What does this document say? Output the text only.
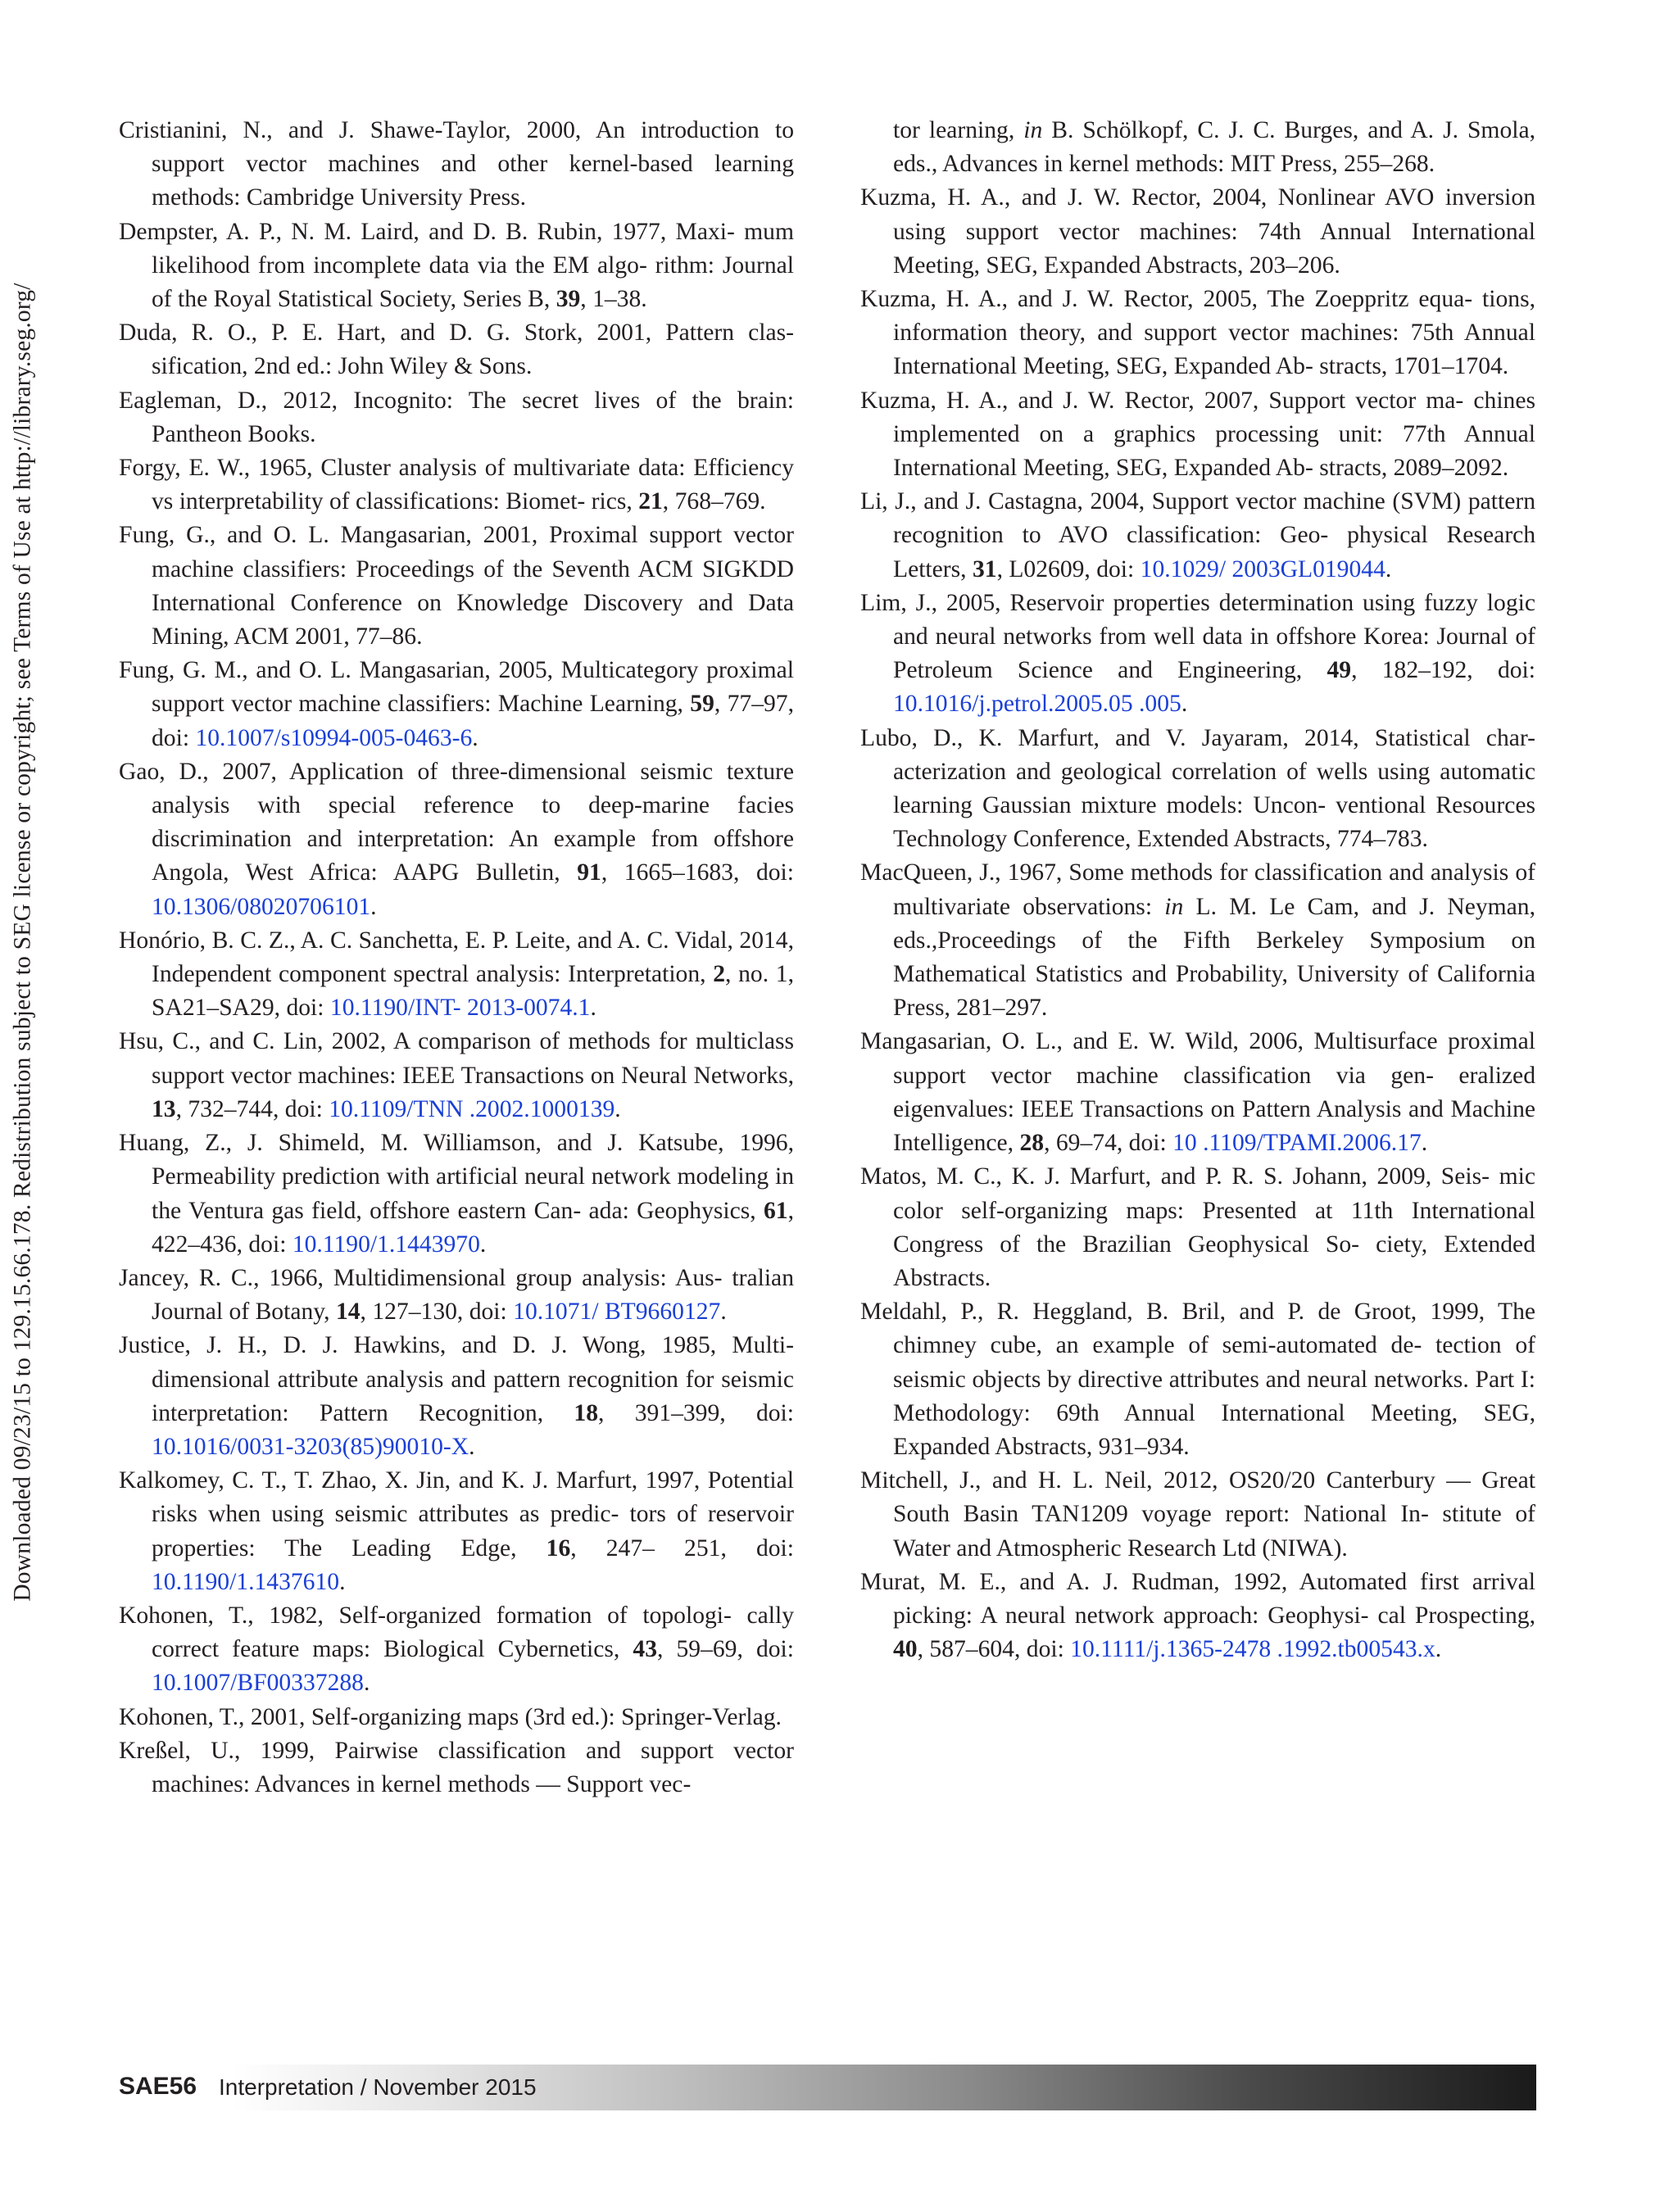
Downloaded 09/23/15 to 129.15.66.178. Redistribution subject to SEG license or copyright; see Terms of Use at http://library.seg.org/

Cristianini, N., and J. Shawe-Taylor, 2000, An introduction to support vector machines and other kernel-based learning methods: Cambridge University Press.

Dempster, A. P., N. M. Laird, and D. B. Rubin, 1977, Maxi- mum likelihood from incomplete data via the EM algo- rithm: Journal of the Royal Statistical Society, Series B, 39, 1–38.

Duda, R. O., P. E. Hart, and D. G. Stork, 2001, Pattern clas- sification, 2nd ed.: John Wiley & Sons.

Eagleman, D., 2012, Incognito: The secret lives of the brain: Pantheon Books.

Forgy, E. W., 1965, Cluster analysis of multivariate data: Efficiency vs interpretability of classifications: Biomet- rics, 21, 768–769.

Fung, G., and O. L. Mangasarian, 2001, Proximal support vector machine classifiers: Proceedings of the Seventh ACM SIGKDD International Conference on Knowledge Discovery and Data Mining, ACM 2001, 77–86.

Fung, G. M., and O. L. Mangasarian, 2005, Multicategory proximal support vector machine classifiers: Machine Learning, 59, 77–97, doi: 10.1007/s10994-005-0463-6.

Gao, D., 2007, Application of three-dimensional seismic texture analysis with special reference to deep-marine facies discrimination and interpretation: An example from offshore Angola, West Africa: AAPG Bulletin, 91, 1665–1683, doi: 10.1306/08020706101.

Honório, B. C. Z., A. C. Sanchetta, E. P. Leite, and A. C. Vidal, 2014, Independent component spectral analysis: Interpretation, 2, no. 1, SA21–SA29, doi: 10.1190/INT- 2013-0074.1.

Hsu, C., and C. Lin, 2002, A comparison of methods for multiclass support vector machines: IEEE Transactions on Neural Networks, 13, 732–744, doi: 10.1109/TNN .2002.1000139.

Huang, Z., J. Shimeld, M. Williamson, and J. Katsube, 1996, Permeability prediction with artificial neural network modeling in the Ventura gas field, offshore eastern Can- ada: Geophysics, 61, 422–436, doi: 10.1190/1.1443970.

Jancey, R. C., 1966, Multidimensional group analysis: Aus- tralian Journal of Botany, 14, 127–130, doi: 10.1071/ BT9660127.

Justice, J. H., D. J. Hawkins, and D. J. Wong, 1985, Multi- dimensional attribute analysis and pattern recognition for seismic interpretation: Pattern Recognition, 18, 391–399, doi: 10.1016/0031-3203(85)90010-X.

Kalkomey, C. T., T. Zhao, X. Jin, and K. J. Marfurt, 1997, Potential risks when using seismic attributes as predic- tors of reservoir properties: The Leading Edge, 16, 247– 251, doi: 10.1190/1.1437610.

Kohonen, T., 1982, Self-organized formation of topologi- cally correct feature maps: Biological Cybernetics, 43, 59–69, doi: 10.1007/BF00337288.

Kohonen, T., 2001, Self-organizing maps (3rd ed.): Springer-Verlag.

Kreßel, U., 1999, Pairwise classification and support vector machines: Advances in kernel methods — Support vec-

tor learning, in B. Schölkopf, C. J. C. Burges, and A. J. Smola, eds., Advances in kernel methods: MIT Press, 255–268.

Kuzma, H. A., and J. W. Rector, 2004, Nonlinear AVO inversion using support vector machines: 74th Annual International Meeting, SEG, Expanded Abstracts, 203–206.

Kuzma, H. A., and J. W. Rector, 2005, The Zoeppritz equa- tions, information theory, and support vector machines: 75th Annual International Meeting, SEG, Expanded Ab- stracts, 1701–1704.

Kuzma, H. A., and J. W. Rector, 2007, Support vector ma- chines implemented on a graphics processing unit: 77th Annual International Meeting, SEG, Expanded Ab- stracts, 2089–2092.

Li, J., and J. Castagna, 2004, Support vector machine (SVM) pattern recognition to AVO classification: Geo- physical Research Letters, 31, L02609, doi: 10.1029/ 2003GL019044.

Lim, J., 2005, Reservoir properties determination using fuzzy logic and neural networks from well data in offshore Korea: Journal of Petroleum Science and Engineering, 49, 182–192, doi: 10.1016/j.petrol.2005.05 .005.

Lubo, D., K. Marfurt, and V. Jayaram, 2014, Statistical char- acterization and geological correlation of wells using automatic learning Gaussian mixture models: Uncon- ventional Resources Technology Conference, Extended Abstracts, 774–783.

MacQueen, J., 1967, Some methods for classification and analysis of multivariate observations: in L. M. Le Cam, and J. Neyman, eds.,Proceedings of the Fifth Berkeley Symposium on Mathematical Statistics and Probability, University of California Press, 281–297.

Mangasarian, O. L., and E. W. Wild, 2006, Multisurface proximal support vector machine classification via gen- eralized eigenvalues: IEEE Transactions on Pattern Analysis and Machine Intelligence, 28, 69–74, doi: 10 .1109/TPAMI.2006.17.

Matos, M. C., K. J. Marfurt, and P. R. S. Johann, 2009, Seis- mic color self-organizing maps: Presented at 11th International Congress of the Brazilian Geophysical So- ciety, Extended Abstracts.

Meldahl, P., R. Heggland, B. Bril, and P. de Groot, 1999, The chimney cube, an example of semi-automated de- tection of seismic objects by directive attributes and neural networks. Part I: Methodology: 69th Annual International Meeting, SEG, Expanded Abstracts, 931–934.

Mitchell, J., and H. L. Neil, 2012, OS20/20 Canterbury — Great South Basin TAN1209 voyage report: National In- stitute of Water and Atmospheric Research Ltd (NIWA).

Murat, M. E., and A. J. Rudman, 1992, Automated first arrival picking: A neural network approach: Geophysi- cal Prospecting, 40, 587–604, doi: 10.1111/j.1365-2478 .1992.tb00543.x.

SAE56 Interpretation / November 2015
